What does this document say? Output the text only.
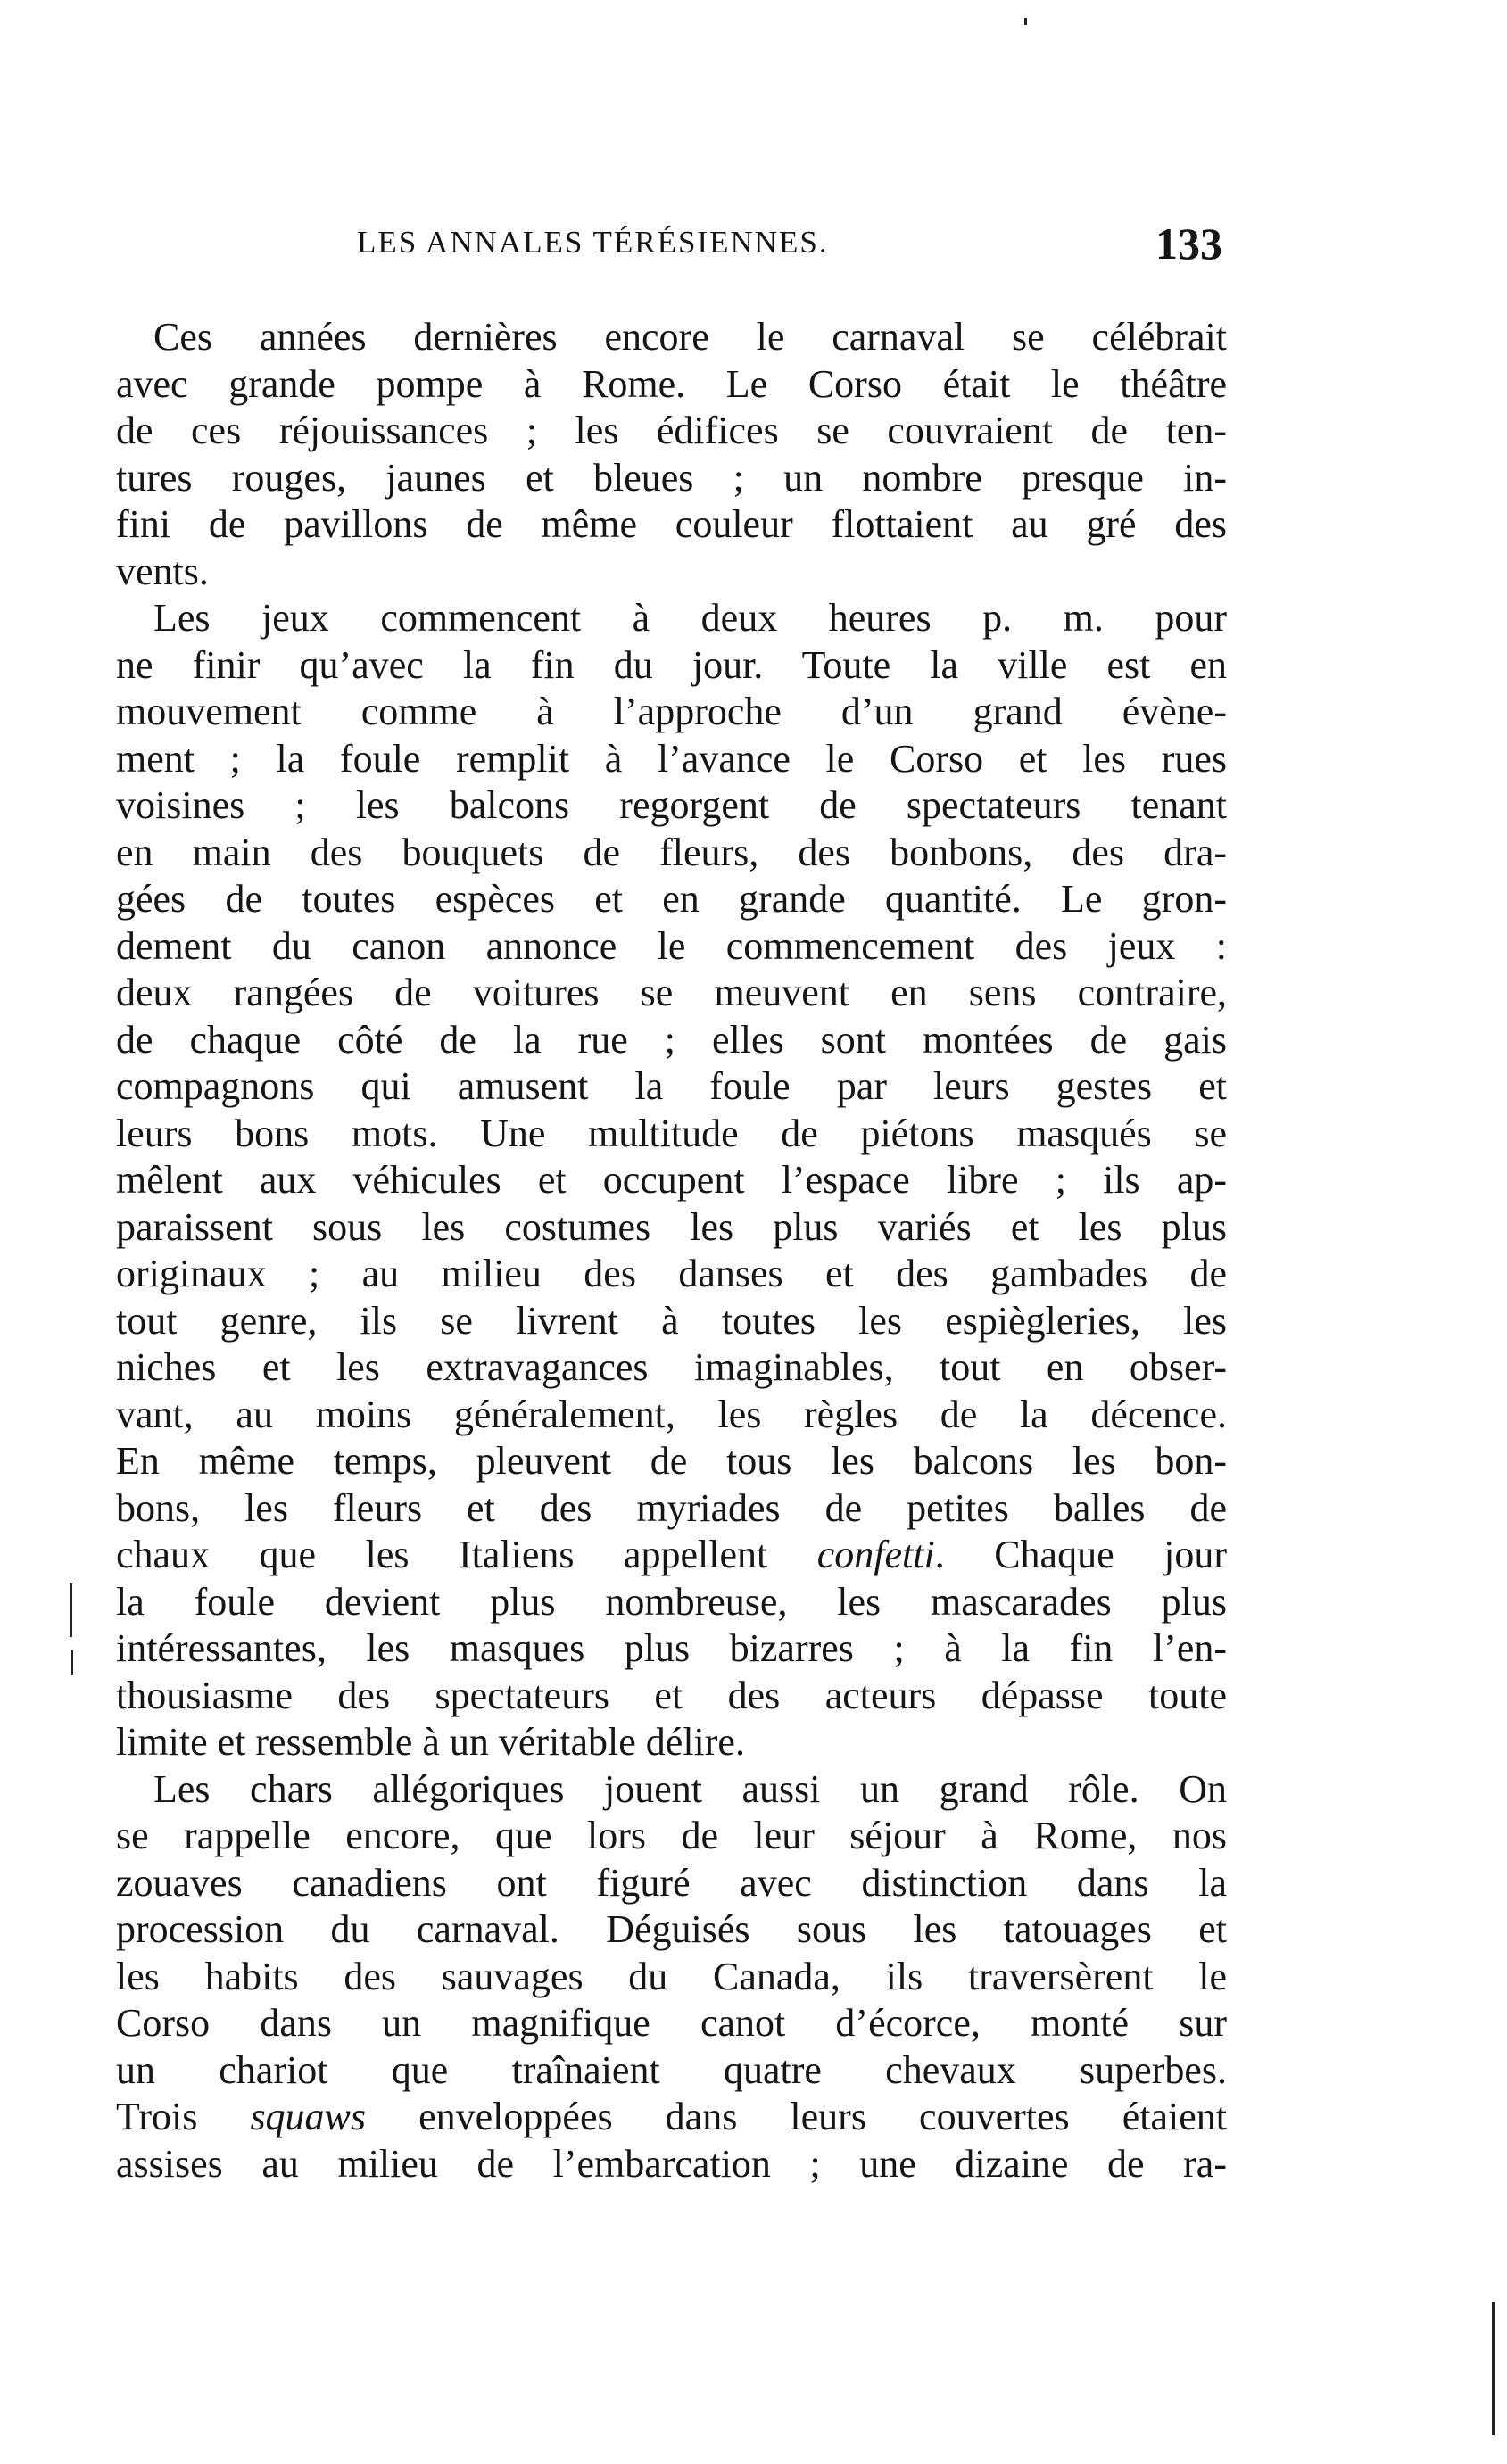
LES ANNALES TÉRÉSIENNES.	133
Ces années dernières encore le carnaval se célébrait
avec grande pompe à Rome. Le Corso était le théâtre
de ces réjouissances ; les édifices se couvraient de ten-
tures rouges, jaunes et bleues ; un nombre presque in-
fini de pavillons de même couleur flottaient au gré des
vents.
Les jeux commencent à deux heures p. m. pour
ne finir qu’avec la fin du jour. Toute la ville est en
mouvement comme à l’approche d’un grand évène-
ment ; la foule remplit à l’avance le Corso et les rues
voisines ; les balcons regorgent de spectateurs tenant
en main des bouquets de fleurs, des bonbons, des dra-
gées de toutes espèces et en grande quantité. Le gron-
dement du canon annonce le commencement des jeux :
deux rangées de voitures se meuvent en sens contraire,
de chaque côté de la rue ; elles sont montées de gais
compagnons qui amusent la foule par leurs gestes et
leurs bons mots. Une multitude de piétons masqués se
mêlent aux véhicules et occupent l’espace libre ; ils ap-
paraissent sous les costumes les plus variés et les plus
originaux ; au milieu des danses et des gambades de
tout genre, ils se livrent à toutes les espiègleries, les
niches et les extravagances imaginables, tout en obser-
vant, au moins généralement, les règles de la décence.
En même temps, pleuvent de tous les balcons les bon-
bons, les fleurs et des myriades de petites balles de
chaux que les Italiens appellent confetti. Chaque jour
la foule devient plus nombreuse, les mascarades plus
intéressantes, les masques plus bizarres ; à la fin l’en-
thousiasme des spectateurs et des acteurs dépasse toute
limite et ressemble à un véritable délire.
Les chars allégoriques jouent aussi un grand rôle. On
se rappelle encore, que lors de leur séjour à Rome, nos
zouaves canadiens ont figuré avec distinction dans la
procession du carnaval. Déguisés sous les tatouages et
les habits des sauvages du Canada, ils traversèrent le
Corso dans un magnifique canot d’écorce, monté sur
un chariot que traînaient quatre chevaux superbes.
Trois squaws enveloppées dans leurs couvertes étaient
assises au milieu de l’embarcation ; une dizaine de ra-
